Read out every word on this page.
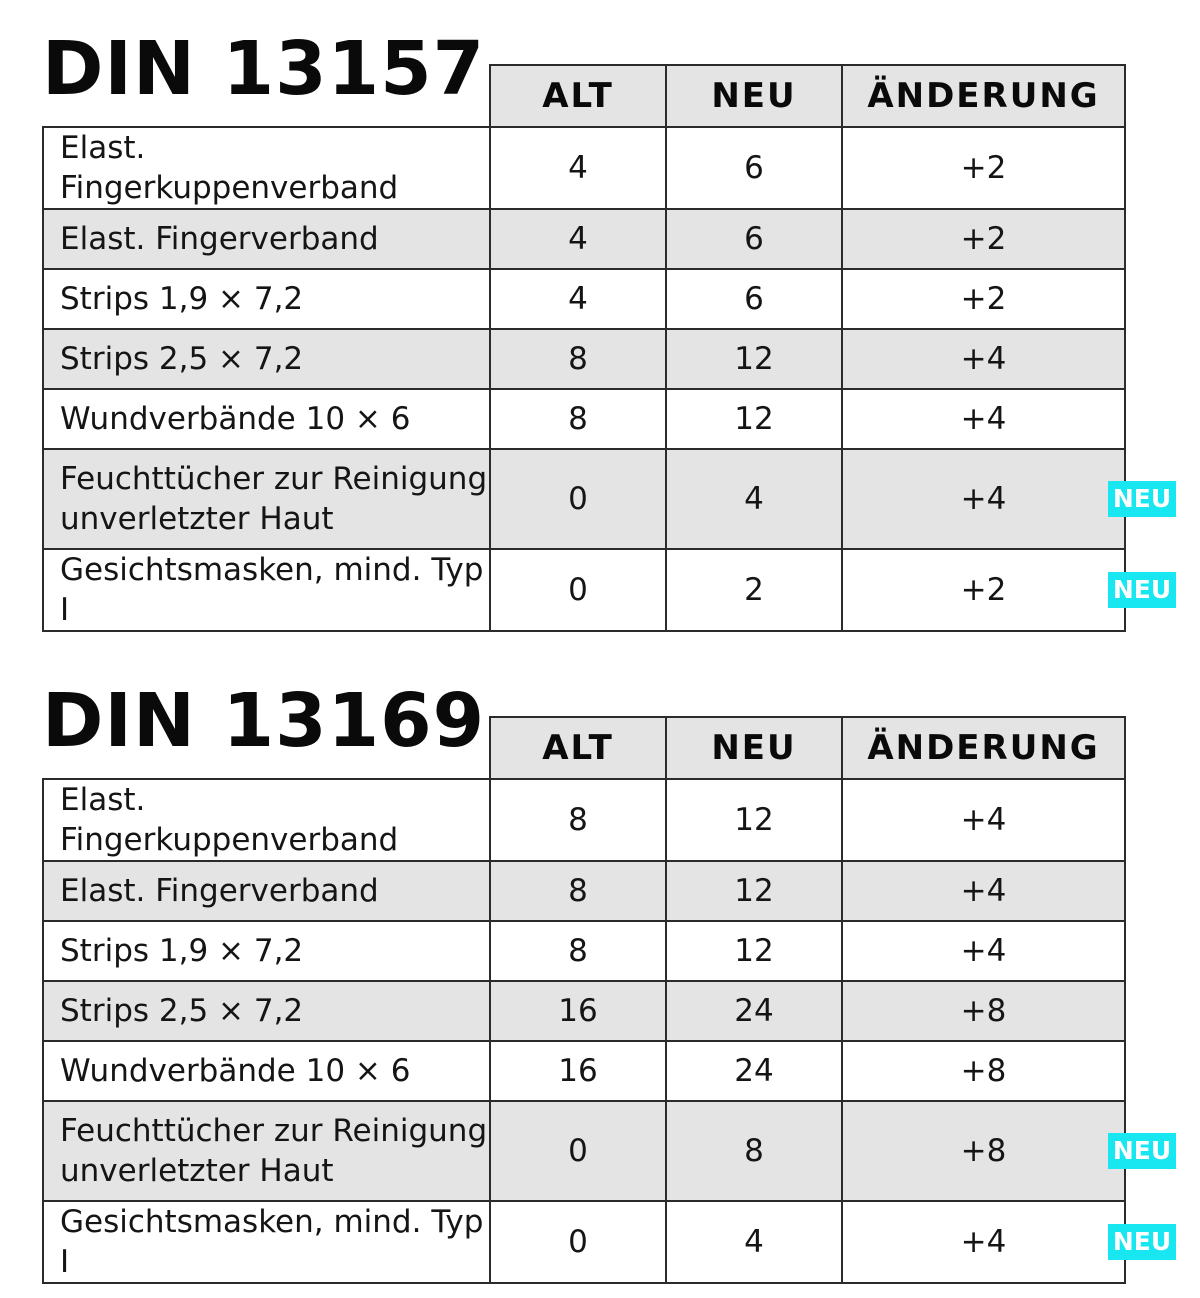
DIN 13157
	ALT	NEU	ÄNDERUNG
Elast. Fingerkuppenverband	4	6	+2
Elast. Fingerverband	4	6	+2
Strips 1,9 × 7,2	4	6	+2
Strips 2,5 × 7,2	8	12	+4
Wundverbände 10 × 6	8	12	+4
Feuchttücher zur Reinigung unverletzter Haut	0	4	+4 NEU

Gesichtsmasken, mind. Typ I	0	2	+2 NEU
DIN 13169
	ALT	NEU	ÄNDERUNG
Elast. Fingerkuppenverband	8	12	+4
Elast. Fingerverband	8	12	+4
Strips 1,9 × 7,2	8	12	+4
Strips 2,5 × 7,2	16	24	+8
Wundverbände 10 × 6	16	24	+8
Feuchttücher zur Reinigung unverletzter Haut	0	8	+8 NEU

Gesichtsmasken, mind. Typ I	0	4	+4 NEU
